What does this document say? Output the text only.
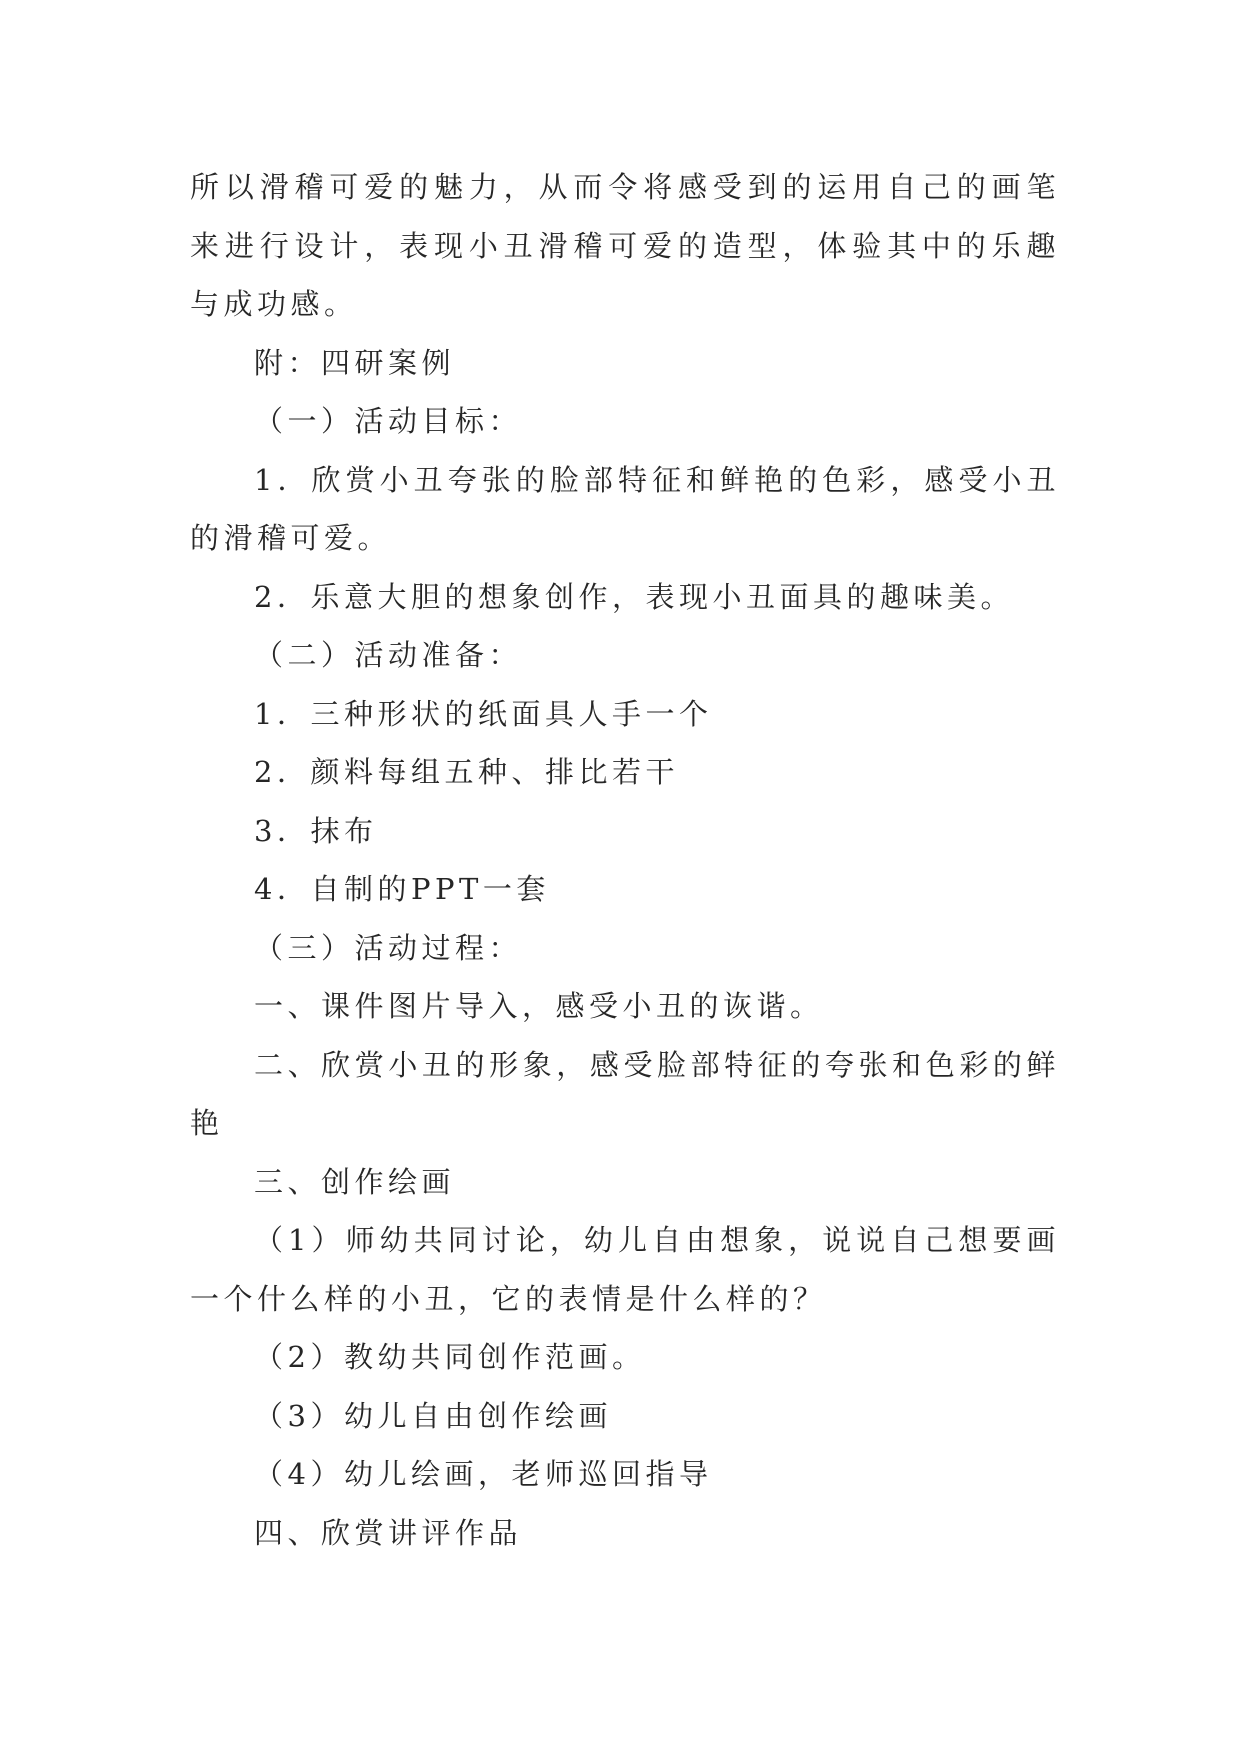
所以滑稽可爱的魅力，从而令将感受到的运用自己的画笔来进行设计，表现小丑滑稽可爱的造型，体验其中的乐趣与成功感。

附：四研案例

（一）活动目标：

1．欣赏小丑夸张的脸部特征和鲜艳的色彩，感受小丑的滑稽可爱。

2．乐意大胆的想象创作，表现小丑面具的趣味美。

（二）活动准备：

1．三种形状的纸面具人手一个

2．颜料每组五种、排比若干

3．抹布

4．自制的PPT一套

（三）活动过程：

一、课件图片导入，感受小丑的诙谐。

二、欣赏小丑的形象，感受脸部特征的夸张和色彩的鲜艳

三、创作绘画

（1）师幼共同讨论，幼儿自由想象，说说自己想要画一个什么样的小丑，它的表情是什么样的？

（2）教幼共同创作范画。

（3）幼儿自由创作绘画

（4）幼儿绘画，老师巡回指导

四、欣赏讲评作品
